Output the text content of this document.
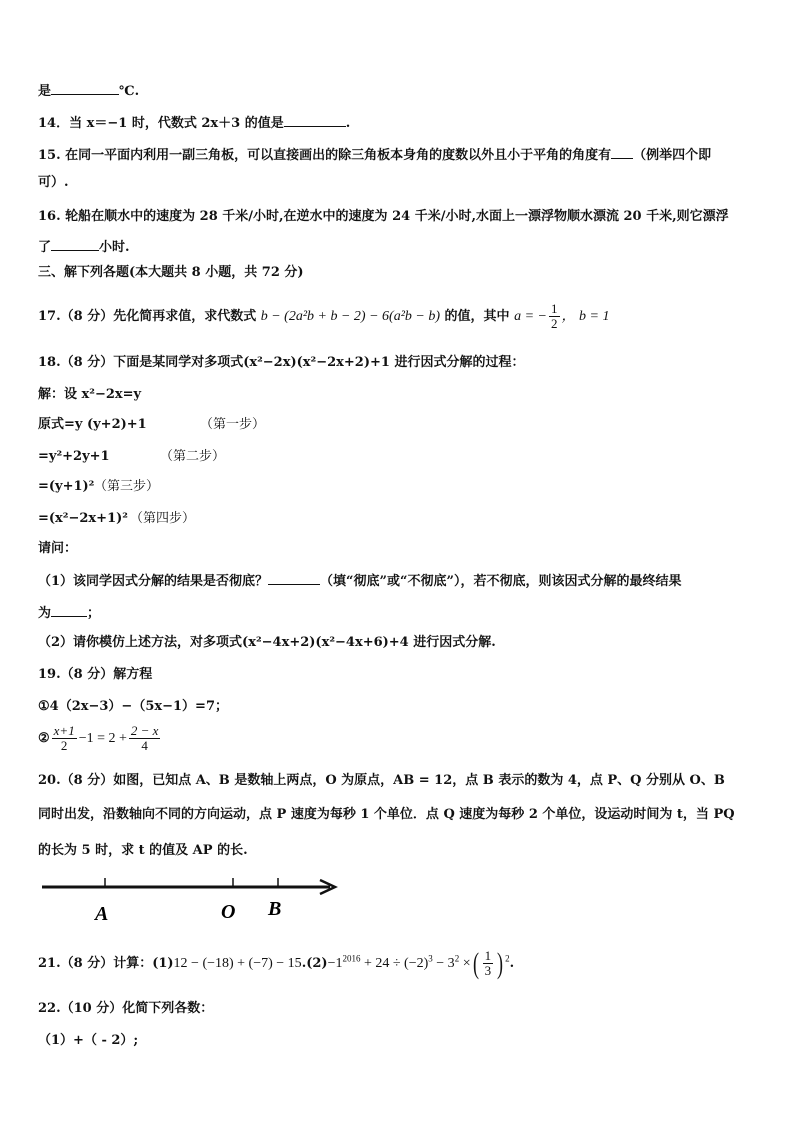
是	℃.
14．当 x＝−1 时，代数式 2x＋3 的值是	.
15. 在同一平面内利用一副三角板，可以直接画出的除三角板本身角的度数以外且小于平角的角度有 （例举四个即
可）.
16. 轮船在顺水中的速度为 28 千米/小时,在逆水中的速度为 24 千米/小时,水面上一漂浮物顺水漂流 20 千米,则它漂浮
了	小时.
三、解下列各题(本大题共 8 小题，共 72 分)
17.（8 分）先化简再求值，求代数式 b − (2a²b + b − 2) − 6(a²b − b) 的值，其中 a = − $\frac{1}{2}$ ， b = 1
18.（8 分）下面是某同学对多项式(x²−2x)(x²−2x+2)+1 进行因式分解的过程：
解：设 x²−2x=y
原式=y (y+2)+1	（第一步）
=y²+2y+1	（第二步）
=(y+1)² （第三步）
=(x²−2x+1)² （第四步）
请问：
（1）该同学因式分解的结果是否彻底？	（填“彻底”或“不彻底”），若不彻底，则该因式分解的最终结果
为	；
（2）请你模仿上述方法，对多项式(x²−4x+2)(x²−4x+6)+4 进行因式分解.
19.（8 分）解方程
①4（2x−3）−（5x−1）=7；
② $\frac{x+1}{2} -1 = 2 + \frac{2 - x}{4}$
20.（8 分）如图，已知点 A、B 是数轴上两点，O 为原点，AB = 12，点 B 表示的数为 4，点 P、Q 分别从 O、B
同时出发，沿数轴向不同的方向运动，点 P 速度为每秒 1 个单位．点 Q 速度为每秒 2 个单位，设运动时间为 t，当 PQ
的长为 5 时，求 t 的值及 AP 的长.
A	O B
21.（8 分）计算：$(1)12 - (-18) + (-7) - 15.(2)-1^{2016} + 24 \div (-2)^3 - 3^2$ ×( $\frac{1}{3}$ ) $^2$.
22.（10 分）化简下列各数：
（1）+（ - 2）;
